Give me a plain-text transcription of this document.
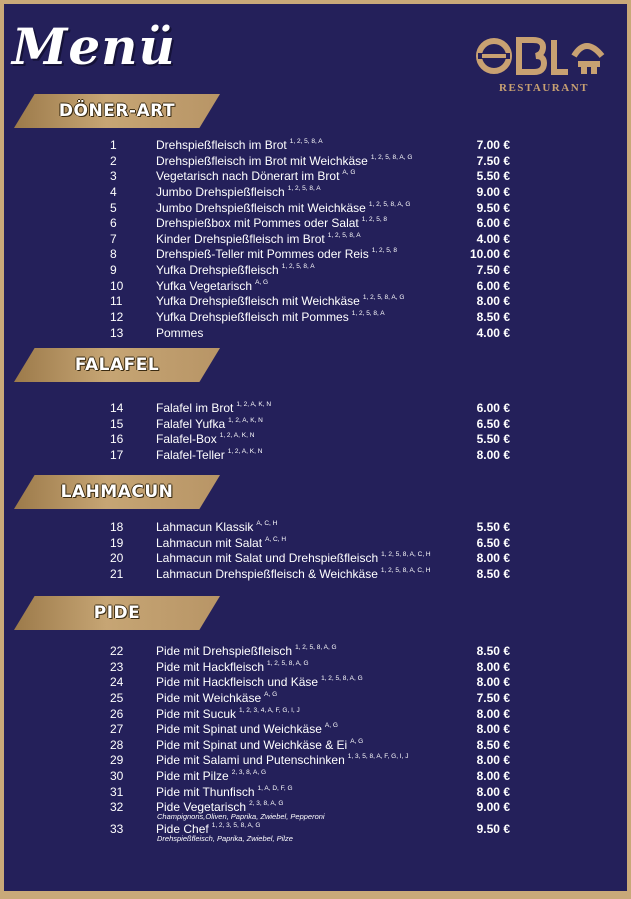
Menü
RESTAURANT
DÖNER-ART
1	Drehspießfleisch im Brot $^{1, 2, 5, 8, A}$	7.00 €
2	Drehspießfleisch im Brot mit Weichkäse $^{1, 2, 5, 8, A, G}$	7.50 €
3	Vegetarisch nach Dönerart im Brot $^{A, G}$	5.50 €
4	Jumbo Drehspießfleisch $^{1, 2, 5, 8, A}$	9.00 €
5	Jumbo Drehspießfleisch mit Weichkäse $^{1, 2, 5, 8, A, G}$	9.50 €
6	Drehspießbox mit Pommes oder Salat $^{1, 2, 5, 8}$	6.00 €
7	Kinder Drehspießfleisch im Brot $^{1, 2, 5, 8, A}$	4.00 €
8	Drehspieß-Teller mit Pommes oder Reis $^{1, 2, 5, 8}$	10.00 €
9	Yufka Drehspießfleisch $^{1, 2, 5, 8, A}$	7.50 €
10	Yufka Vegetarisch $^{A, G}$	6.00 €
11	Yufka Drehspießfleisch mit Weichkäse $^{1, 2, 5, 8, A, G}$	8.00 €
12	Yufka Drehspießfleisch mit Pommes $^{1, 2, 5, 8, A}$	8.50 €
13	Pommes	4.00 €
FALAFEL
14	Falafel im Brot $^{1, 2, A, K, N}$	6.00 €
15	Falafel Yufka $^{1, 2, A, K, N}$	6.50 €
16	Falafel-Box $^{1, 2, A, K, N}$	5.50 €
17	Falafel-Teller $^{1, 2, A, K, N}$	8.00 €
LAHMACUN
18	Lahmacun Klassik $^{A, C, H}$	5.50 €
19	Lahmacun mit Salat $^{A, C, H}$	6.50 €
20	Lahmacun mit Salat und Drehspießfleisch $^{1, 2, 5, 8, A, C, H}$	8.00 €
21	Lahmacun Drehspießfleisch & Weichkäse $^{1, 2, 5, 8, A, C, H}$	8.50 €
PIDE
22	Pide mit Drehspießfleisch $^{1, 2, 5, 8, A, G}$	8.50 €
23	Pide mit Hackfleisch $^{1, 2, 5, 8, A, G}$	8.00 €
24	Pide mit Hackfleisch und Käse $^{1, 2, 5, 8, A, G}$	8.00 €
25	Pide mit Weichkäse $^{A, G}$	7.50 €
26	Pide mit Sucuk $^{1, 2, 3, 4, A, F, G, I, J}$	8.00 €
27	Pide mit Spinat und Weichkäse $^{A, G}$	8.00 €
28	Pide mit Spinat und Weichkäse & Ei $^{A, G}$	8.50 €
29	Pide mit Salami und Putenschinken $^{1, 3, 5, 8, A, F, G, I, J}$	8.00 €
30	Pide mit Pilze $^{2, 3, 8, A, G}$	8.00 €
31	Pide mit Thunfisch $^{1, A, D, F, G}$	8.00 €
32	Pide Vegetarisch $^{2, 3, 8, A, G}$	9.00 €
Champignons,Oliven, Paprika, Zwiebel, Pepperoni
33	Pide Chef $^{1, 2, 3, 5, 8, A, G}$	9.50 €
Drehspießfleisch, Paprika, Zwiebel, Pilze
